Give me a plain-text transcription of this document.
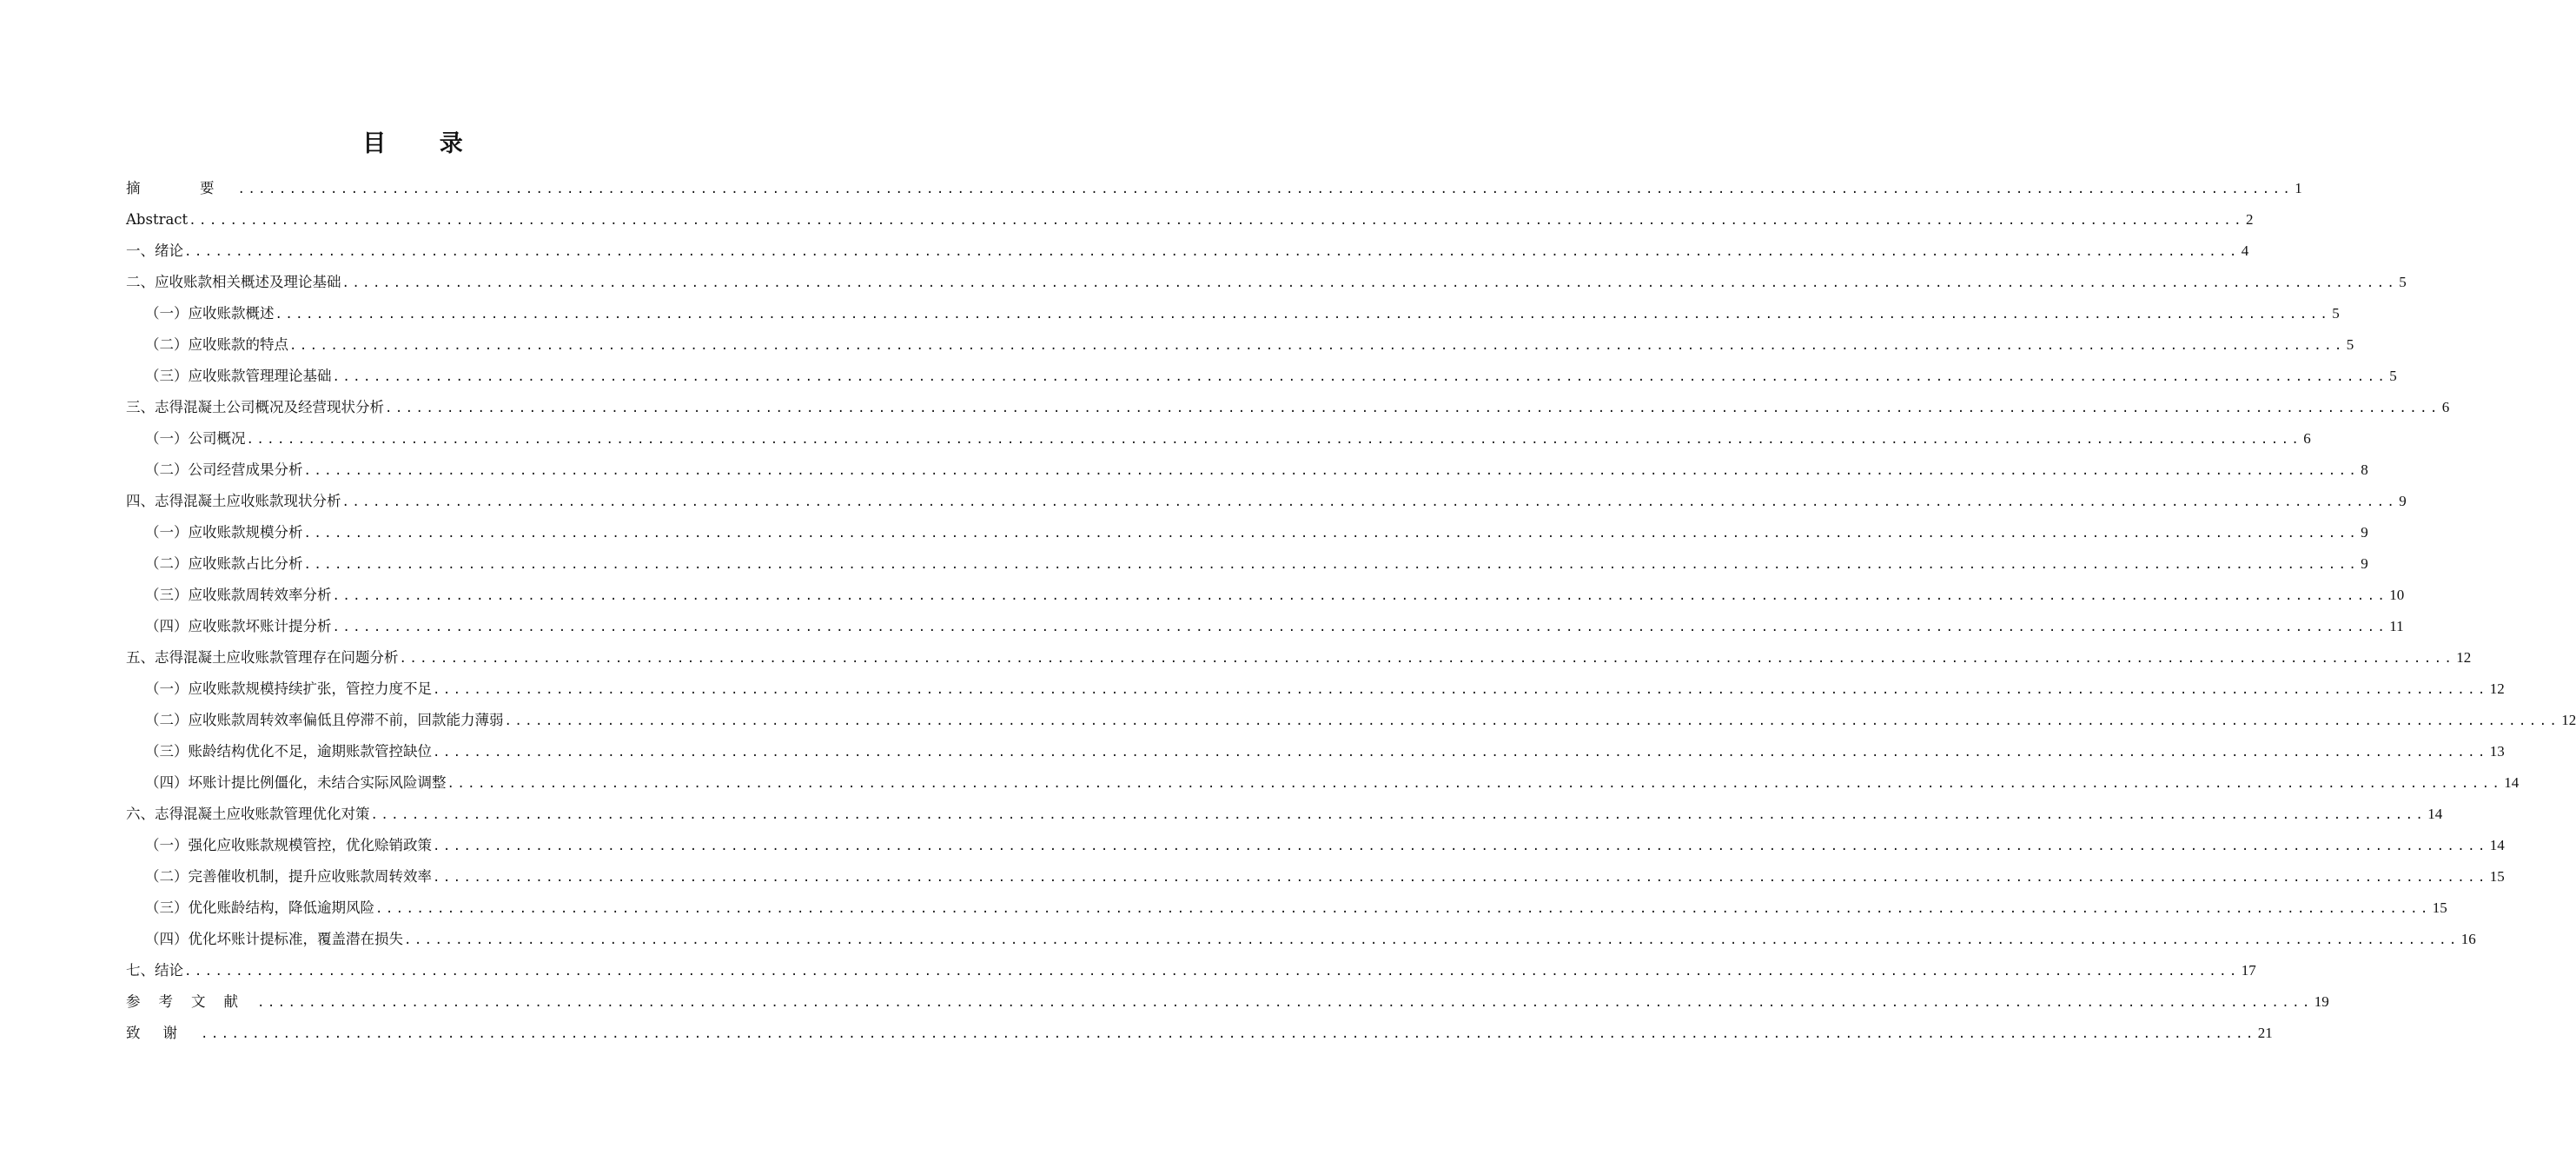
目 录
摘　要 ........................................................................................................................................................................................................ 1
Abstract ........................................................................................................................................................................................................ 2
一、绪论 ........................................................................................................................................................................................................ 4
二、应收账款相关概述及理论基础 ........................................................................................................................................................................................................ 5
（一）应收账款概述 ........................................................................................................................................................................................................ 5
（二）应收账款的特点 ........................................................................................................................................................................................................ 5
（三）应收账款管理理论基础 ........................................................................................................................................................................................................ 5
三、志得混凝土公司概况及经营现状分析 ........................................................................................................................................................................................................ 6
（一）公司概况 ........................................................................................................................................................................................................ 6
（二）公司经营成果分析 ........................................................................................................................................................................................................ 8
四、志得混凝土应收账款现状分析 ........................................................................................................................................................................................................ 9
（一）应收账款规模分析 ........................................................................................................................................................................................................ 9
（二）应收账款占比分析 ........................................................................................................................................................................................................ 9
（三）应收账款周转效率分析 ........................................................................................................................................................................................................ 10
（四）应收账款坏账计提分析 ........................................................................................................................................................................................................ 11
五、志得混凝土应收账款管理存在问题分析 ........................................................................................................................................................................................................ 12
（一）应收账款规模持续扩张，管控力度不足 ........................................................................................................................................................................................................ 12
（二）应收账款周转效率偏低且停滞不前，回款能力薄弱 ........................................................................................................................................................................................................ 12
（三）账龄结构优化不足，逾期账款管控缺位 ........................................................................................................................................................................................................ 13
（四）坏账计提比例僵化，未结合实际风险调整 ........................................................................................................................................................................................................ 14
六、志得混凝土应收账款管理优化对策 ........................................................................................................................................................................................................ 14
（一）强化应收账款规模管控，优化赊销政策 ........................................................................................................................................................................................................ 14
（二）完善催收机制，提升应收账款周转效率 ........................................................................................................................................................................................................ 15
（三）优化账龄结构，降低逾期风险 ........................................................................................................................................................................................................ 15
（四）优化坏账计提标准，覆盖潜在损失 ........................................................................................................................................................................................................ 16
七、结论 ........................................................................................................................................................................................................ 17
参考文献 ........................................................................................................................................................................................................ 19
致谢 ........................................................................................................................................................................................................ 21
